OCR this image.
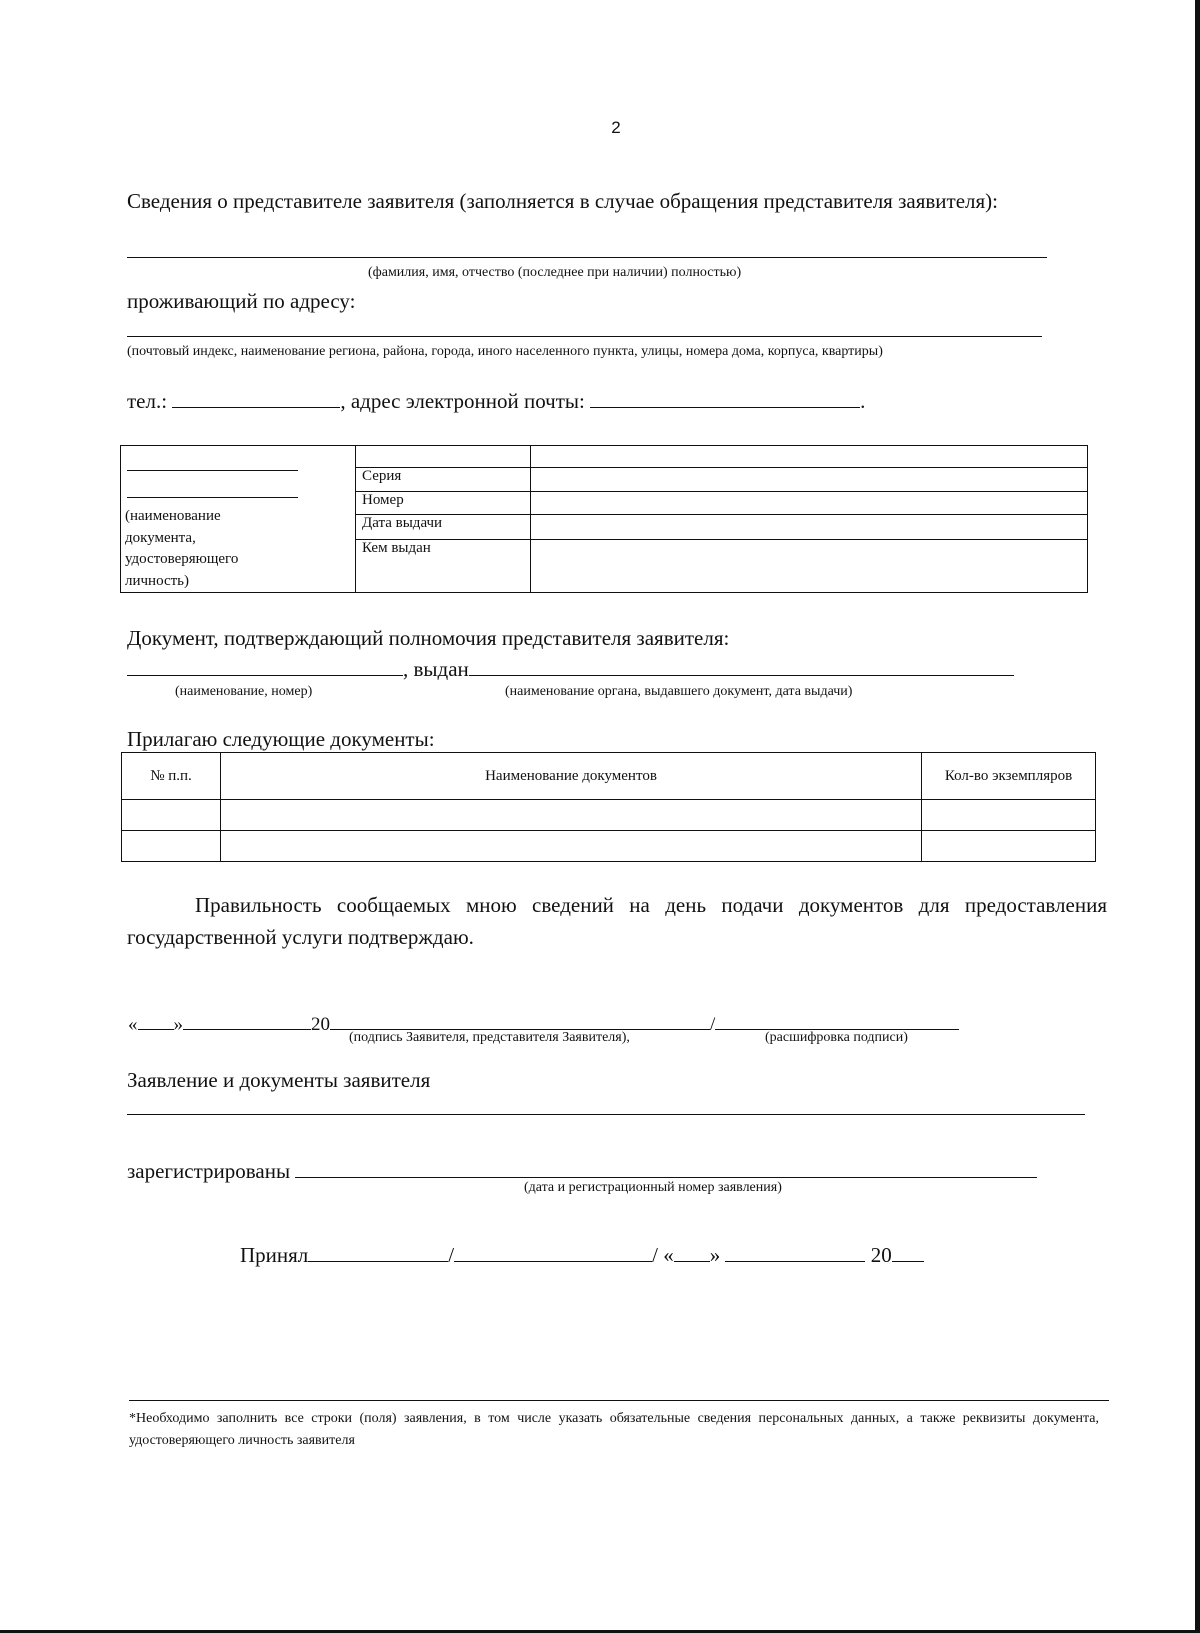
2
Сведения о представителе заявителя (заполняется в случае обращения представителя заявителя):
(фамилия, имя, отчество (последнее при наличии) полностью)
проживающий по адресу:
(почтовый индекс, наименование региона, района, города, иного населенного пункта, улицы, номера дома, корпуса, квартиры)
тел.:	, адрес электронной почты:	.
(наименование документа, удостоверяющего личность)		

	Серия	
	Номер	
	Дата выдачи	
	Кем выдан	
Документ, подтверждающий полномочия представителя заявителя:
, выдан
(наименование, номер)	(наименование органа, выдавшего документ, дата выдачи)
Прилагаю следующие документы:
№ п.п.	Наименование документов	Кол-во экземпляров

Правильность сообщаемых мною сведений на день подачи документов для предоставления государственной услуги подтверждаю.
« »	20	/
(подпись Заявителя, представителя Заявителя),	(расшифровка подписи)
Заявление и документы заявителя
зарегистрированы
(дата и регистрационный номер заявления)
Принял	/	/ « »	20
*Необходимо заполнить все строки (поля) заявления, в том числе указать обязательные сведения персональных данных, а также реквизиты документа, удостоверяющего личность заявителя
